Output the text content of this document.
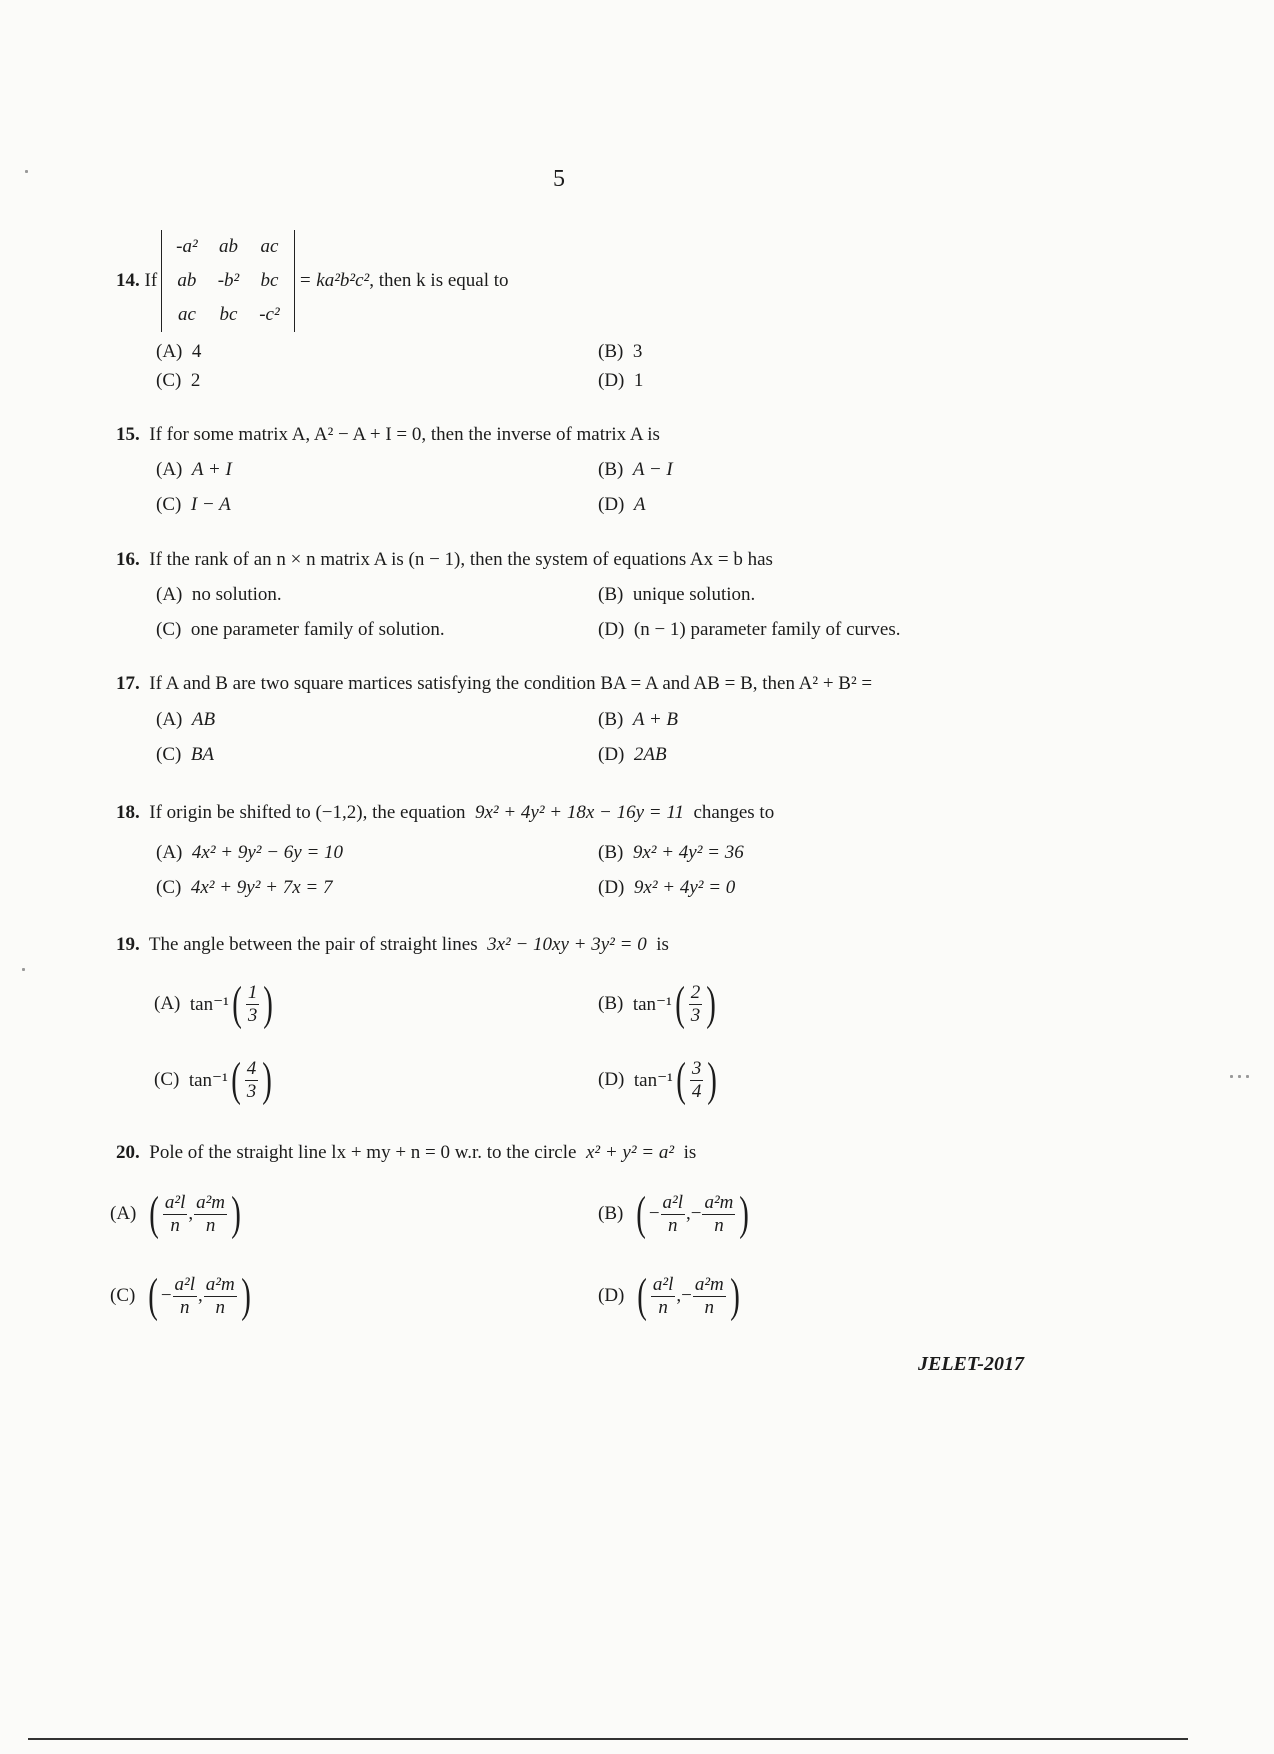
5
14.
If
-a²	ab	ac
ab	-b²	bc
ac	bc	-c²
= ka²b²c² , then k is equal to
(A) 4	(B) 3
(C) 2	(D) 1
15. If for some matrix A, A² − A + I = 0, then the inverse of matrix A is
(A) A + I	(B) A − I
(C) I − A	(D) A
16. If the rank of an n × n matrix A is (n − 1), then the system of equations Ax = b has
(A) no solution.	(B) unique solution.
(C) one parameter family of solution.	(D) (n − 1) parameter family of curves.
17. If A and B are two square martices satisfying the condition BA = A and AB = B, then A² + B² =
(A) AB	(B) A + B
(C) BA	(D) 2AB
18. If origin be shifted to (−1,2), the equation 9x² + 4y² + 18x − 16y = 11 changes to
(A) 4x² + 9y² − 6y = 10	(B) 9x² + 4y² = 36
(C) 4x² + 9y² + 7x = 7	(D) 9x² + 4y² = 0
19. The angle between the pair of straight lines 3x² − 10xy + 3y² = 0 is
(A)
tan⁻¹ ( $\frac{1}{3}$ )	(B)
tan⁻¹ ( $\frac{2}{3}$ )
(C)
tan⁻¹ ( $\frac{4}{3}$ )	(D)
tan⁻¹ ( $\frac{3}{4}$ )
20. Pole of the straight line lx + my + n = 0 w.r. to the circle x² + y² = a² is
(A)
( $\frac{\text{a²l}}{n}$ , $\frac{\text{a²m}}{n}$ )	(B)
( − $\frac{\text{a²l}}{n}$ , − $\frac{\text{a²m}}{n}$ )
(C)
( − $\frac{\text{a²l}}{n}$ , $\frac{\text{a²m}}{n}$ )	(D)
( $\frac{\text{a²l}}{n}$ , − $\frac{\text{a²m}}{n}$ )
JELET-2017
